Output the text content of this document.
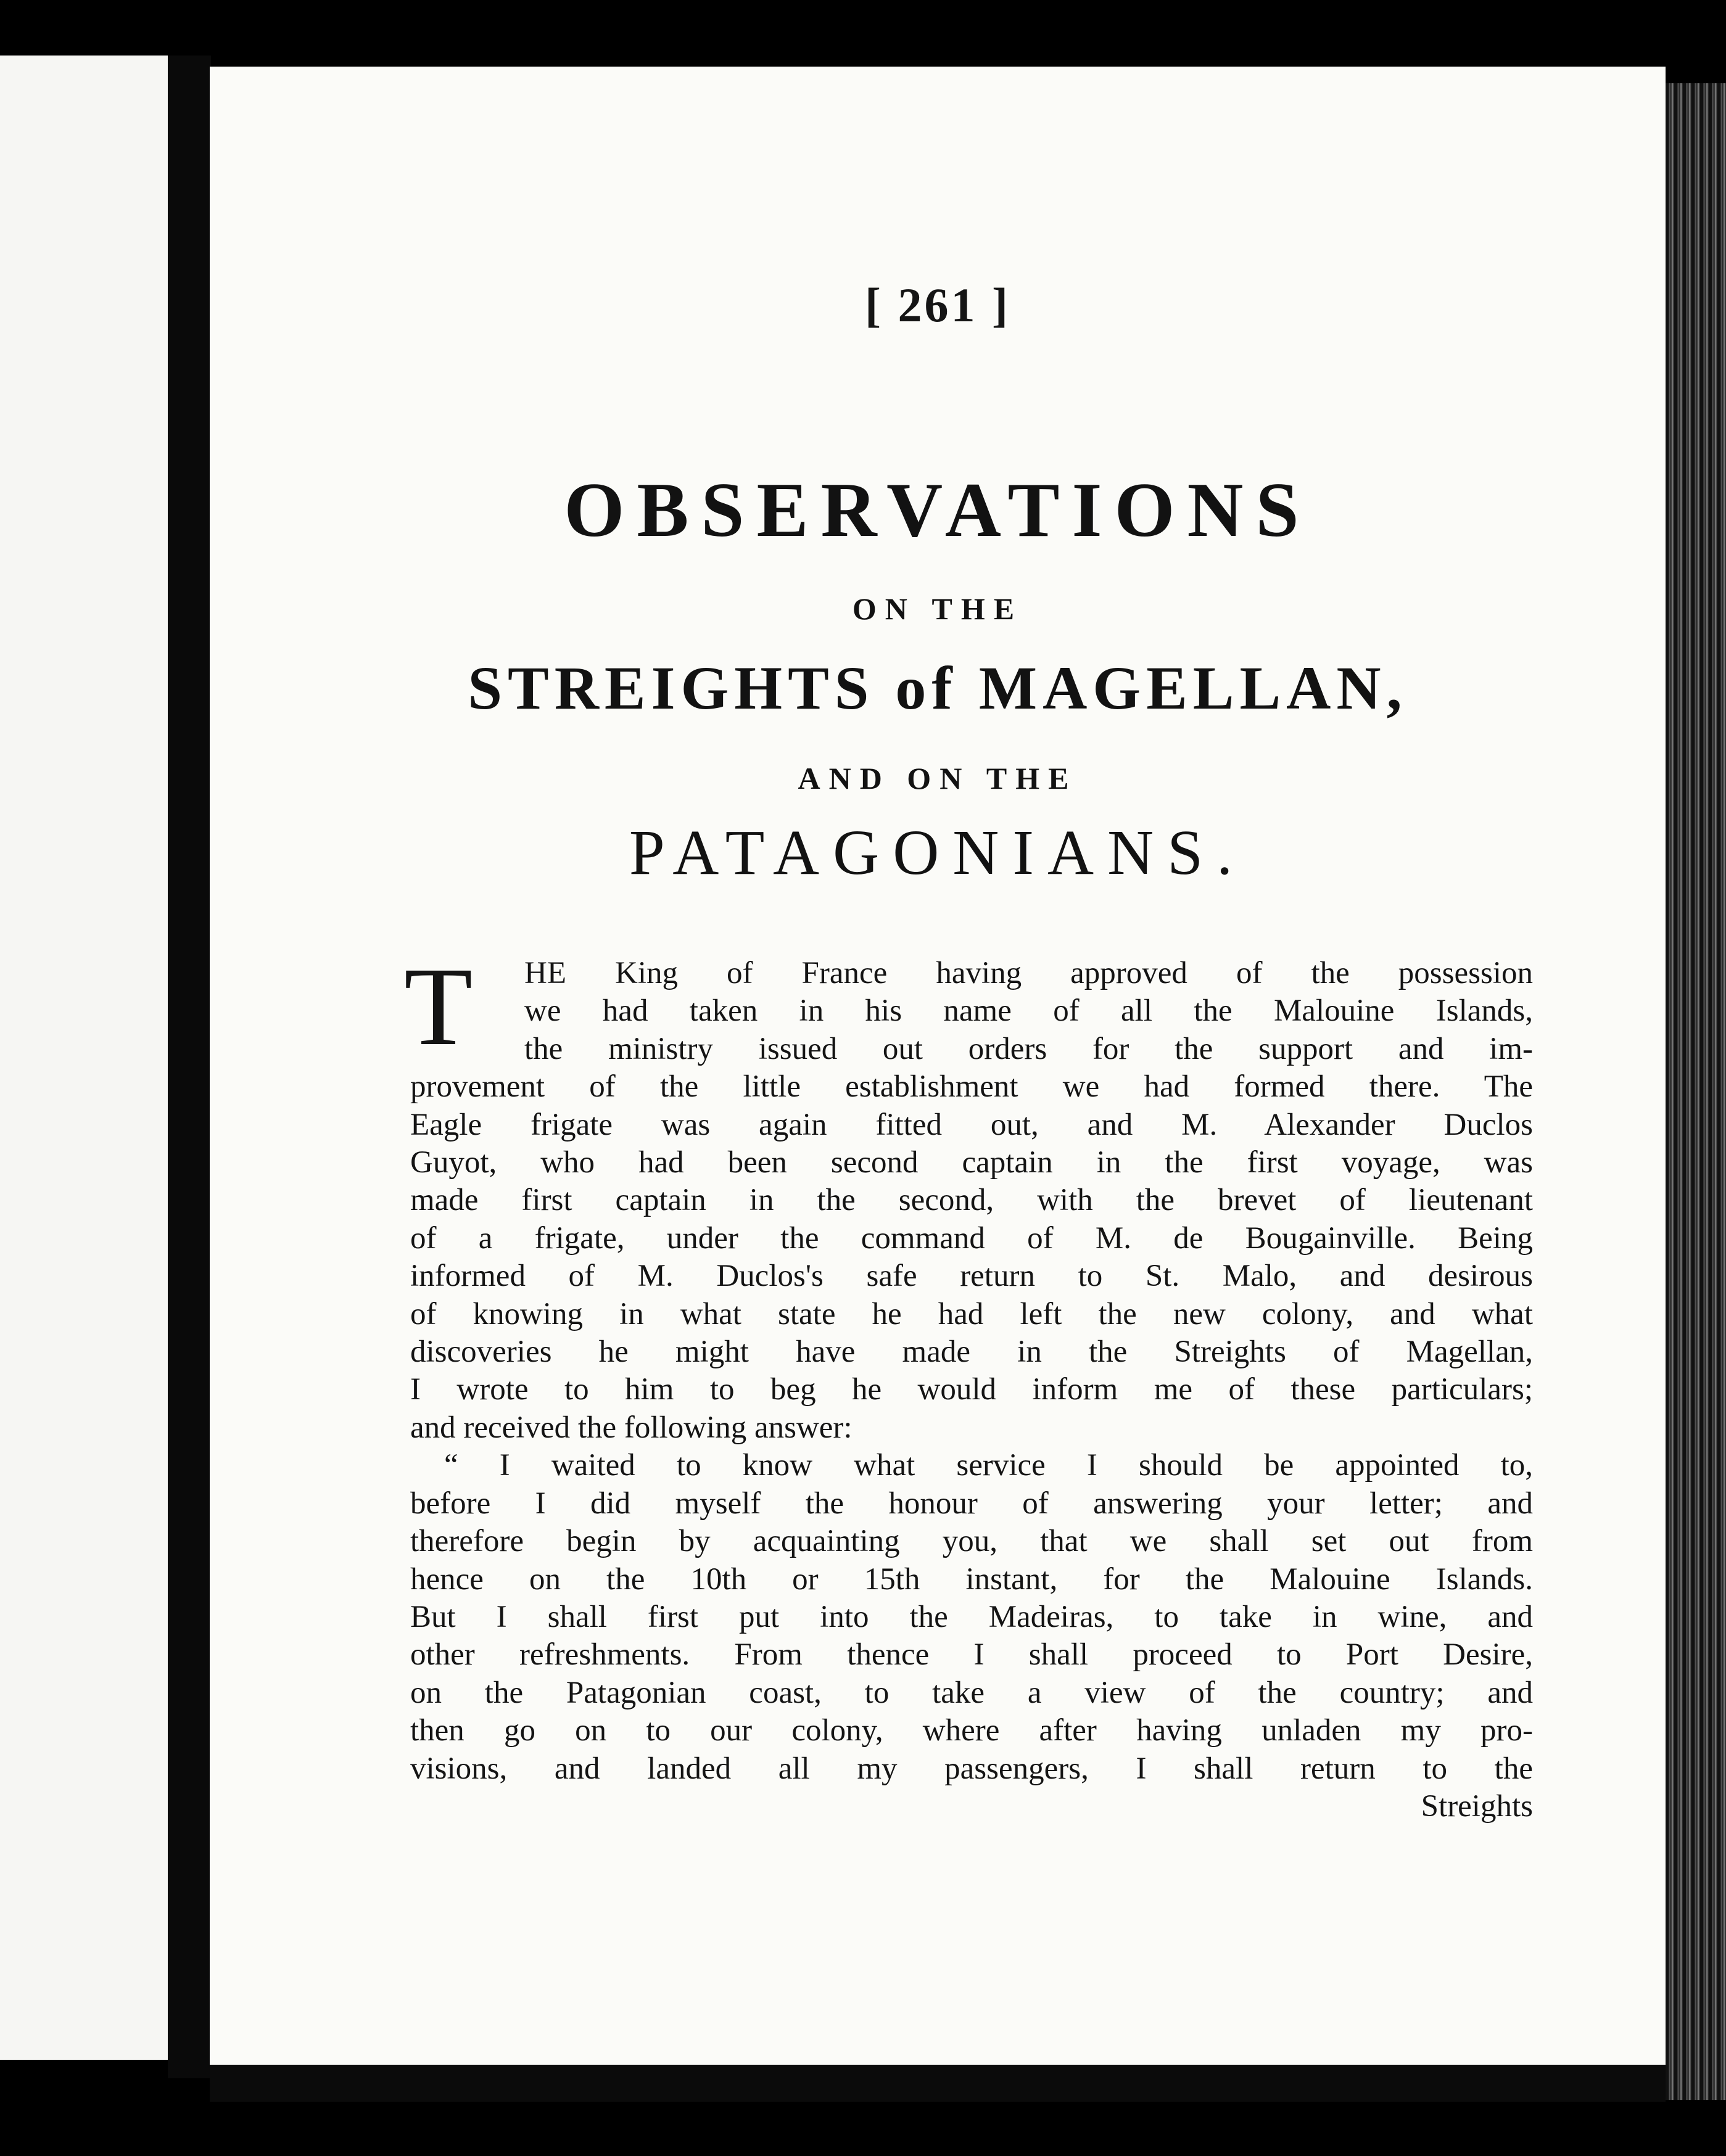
[ 261 ]
OBSERVATIONS
ON THE
STREIGHTS of MAGELLAN,
AND ON THE
PATAGONIANS.
T	HE King of France having approved of the possession
we had taken in his name of all the Malouine Islands,
the ministry issued out orders for the support and im-
provement of the little establishment we had formed there. The
Eagle frigate was again fitted out, and M. Alexander Duclos
Guyot, who had been second captain in the first voyage, was
made first captain in the second, with the brevet of lieutenant
of a frigate, under the command of M. de Bougainville. Being
informed of M. Duclos's safe return to St. Malo, and desirous
of knowing in what state he had left the new colony, and what
discoveries he might have made in the Streights of Magellan,
I wrote to him to beg he would inform me of these particulars;
and received the following answer:
“ I waited to know what service I should be appointed to,
before I did myself the honour of answering your letter; and
therefore begin by acquainting you, that we shall set out from
hence on the 10th or 15th instant, for the Malouine Islands.
But I shall first put into the Madeiras, to take in wine, and
other refreshments. From thence I shall proceed to Port Desire,
on the Patagonian coast, to take a view of the country; and
then go on to our colony, where after having unladen my pro-
visions, and landed all my passengers, I shall return to the
Streights
